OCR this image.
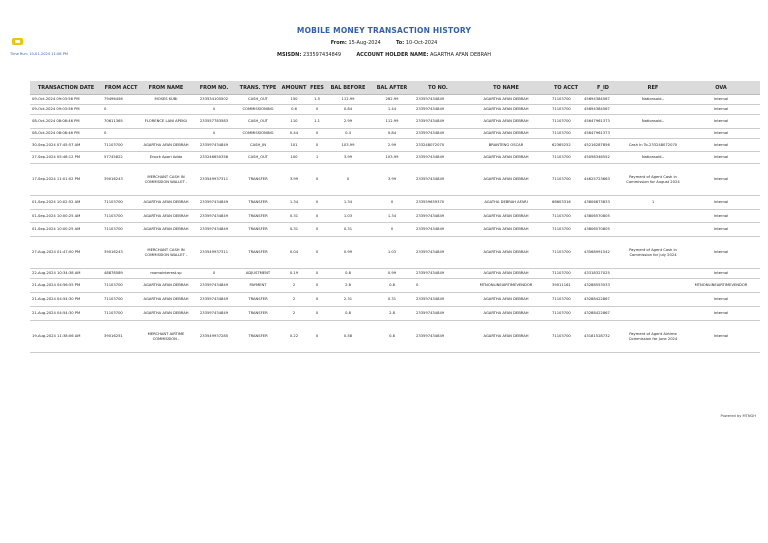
MOBILE MONEY TRANSACTION HISTORY
Time Run: 10-01-2024 11:08 PM
From: 15-Aug-2024	To: 10-Oct-2024
MSISDN: 233597434849	ACCOUNT HOLDER NAME: AGARTHA AFAN DEBRAH
TRANSACTION DATE	FROM ACCT	FROM NAME	FROM NO.	TRANS. TYPE	AMOUNT	FEES	BAL BEFORE	BAL AFTER	TO NO.	TO NAME	TO ACCT	F_ID	REF	OVA
09-Oct-2024 09:03:56 PM	79496456	MOSES KUBI	233534105502	CASH_OUT	150	1.5	112.99	262.99	233597434849	AGARTHA AFAN DEBRAH	71103700	45694384567	Nationsold--	Internal
09-Oct-2024 09:03:56 PM	0		0	COMMISSIONING	0.6	0	0.84	1.44	233597434849	AGARTHA AFAN DEBRAH	71103700	45694384567		Internal
08-Oct-2024 08:08:46 PM	70611365	FLORENCE LANI APEKU	233557783583	CASH_OUT	110	1.1	2.99	112.99	233597434849	AGARTHA AFAN DEBRAH	71103700	45647961373	Nationsold--	Internal
08-Oct-2024 08:08:46 PM	0		0	COMMISSIONING	0.44	0	0.4	0.84	233597434849	AGARTHA AFAN DEBRAH	71103700	45647961373		Internal
30-Sep-2024 07:45:57 AM	71103700	AGARTHA AFAN DEBRAH	233597434849	CASH_IN	101	0	103.99	2.99	233248072070	BRANTENG OSCAR	62365252	45216287856	Cash In To-233248072070	Internal
27-Sep-2024 05:48:12 PM	57745822	Enock Apori Addo	233246650356	CASH_OUT	100	1	3.99	103.99	233597434849	AGARTHA AFAN DEBRAH	71103700	45098346552	Nationsold--	Internal
17-Sep-2024 11:01:02 PM	39016243	MERCHANT CASH IN COMMISSION WALLET -	233549937311	TRANSFER	3.99	0	0	3.99	233597434849	AGARTHA AFAN DEBRAH	71103700	44625723663	Payment of Agent Cash in Commission for August 2024	Internal
01-Sep-2024 10:02:52 AM	71103700	AGARTHA AFAN DEBRAH	233597434849	TRANSFER	1.34	0	1.34	0	233559639370	AGATHA DEBRAH AFARI	68603316	43806873833	1	Internal
01-Sep-2024 10:00:25 AM	71103700	AGARTHA AFAN DEBRAH	233597434849	TRANSFER	0.31	0	1.03	1.34	233597434849	AGARTHA AFAN DEBRAH	71103700	43806570805		Internal
01-Sep-2024 10:00:25 AM	71103700	AGARTHA AFAN DEBRAH	233597434849	TRANSFER	0.31	0	0.31	0	233597434849	AGARTHA AFAN DEBRAH	71103700	43806570805		Internal
27-Aug-2024 01:47:00 PM	39016243	MERCHANT CASH IN COMMISSION WALLET -	233549937311	TRANSFER	0.04	0	0.99	1.03	233597434849	AGARTHA AFAN DEBRAH	71103700	43568991542	Payment of Agent Cash in Commission for July 2024	Internal
22-Aug-2024 10:34:38 AM	48878589	momointerest.sp	0	ADJUSTMENT	0.19	0	0.8	0.99	233597434849	AGARTHA AFAN DEBRAH	71103700	43318327025		Internal
21-Aug-2024 04:56:55 PM	71103700	AGARTHA AFAN DEBRAH	233597434849	PAYMENT	2	0	2.8	0.8	0	MTNONLINEAIRTIMEVENDOR	39011161	43288553533		MTNONLINEAIRTIMEVENDOR
21-Aug-2024 04:54:30 PM	71103700	AGARTHA AFAN DEBRAH	233597434849	TRANSFER	2	0	2.31	0.31	233597434849	AGARTHA AFAN DEBRAH	71103700	43288422867		Internal
21-Aug-2024 04:54:30 PM	71103700	AGARTHA AFAN DEBRAH	233597434849	TRANSFER	2	0	0.8	2.8	233597434849	AGARTHA AFAN DEBRAH	71103700	43288422867		Internal
19-Aug-2024 11:38:06 AM	39016251	MERCHANT AIRTIME COMMISSION -	233549937285	TRANSFER	0.22	0	0.58	0.8	233597434849	AGARTHA AFAN DEBRAH	71103700	43181528732	Payment of Agent Airtime Commission for June 2024	Internal
Powered by MTNGH
